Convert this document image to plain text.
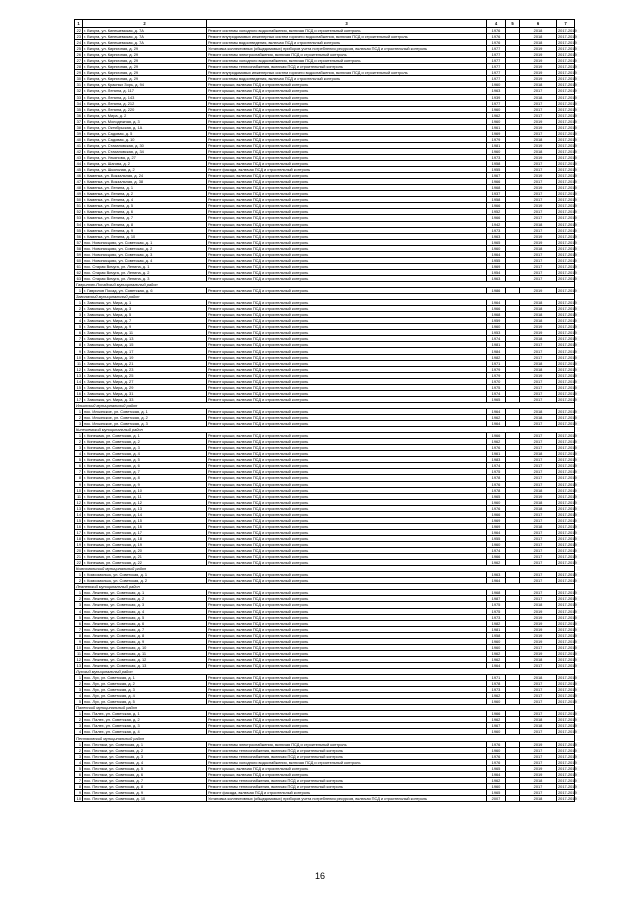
1	2	3	4	5	6	7
22	г. Вичуга, ул. Кинешемская, д. 7А	Ремонт системы холодного водоснабжения, включая ПСД и строительный контроль	1976		2018	2017-2019
23	г. Вичуга, ул. Кинешемская, д. 7А	Ремонт внутридомовых инженерных систем горячего водоснабжения, включая ПСД и строительный контроль	1976		2018	2017-2019
24	г. Вичуга, ул. Кинешемская, д. 7А	Ремонт системы водоотведения, включая ПСД и строительный контроль	1976		2018	2017-2019
25	г. Вичуга, ул. Кирпичная, д. 29	Установка коллективных (общедомовых) приборов учета потребления ресурсов, включая ПСД и строительный контроль	1977		2019	2017-2019
26	г. Вичуга, ул. Кирпичная, д. 29	Ремонт системы электроснабжения, включая ПСД и строительный контроль	1977		2019	2017-2019
27	г. Вичуга, ул. Кирпичная, д. 29	Ремонт системы холодного водоснабжения, включая ПСД и строительный контроль	1977		2019	2017-2019
28	г. Вичуга, ул. Кирпичная, д. 29	Ремонт системы теплоснабжения, включая ПСД и строительный контроль	1977		2019	2017-2019
29	г. Вичуга, ул. Кирпичная, д. 29	Ремонт внутридомовых инженерных систем горячего водоснабжения, включая ПСД и строительный контроль	1977		2019	2017-2019
30	г. Вичуга, ул. Кирпичная, д. 29	Ремонт системы водоотведения, включая ПСД и строительный контроль	1977		2019	2017-2019
31	г. Вичуга, ул. Красных Зорь, д. 94	Ремонт крыши, включая ПСД и строительный контроль	1960		2018	2017-2019
32	г. Вичуга, ул. Ленина, д. 117	Ремонт крыши, включая ПСД и строительный контроль	1963		2017	2017-2019
33	г. Вичуга, ул. Ленина, д. 143	Ремонт крыши, включая ПСД и строительный контроль	1939		2018	2017-2019
34	г. Вичуга, ул. Ленина, д. 212	Ремонт крыши, включая ПСД и строительный контроль	1977		2017	2017-2019
35	г. Вичуга, ул. Ленина, д. 220	Ремонт крыши, включая ПСД и строительный контроль	1960		2017	2017-2019
36	г. Вичуга, ул. Мира, д. 2	Ремонт крыши, включая ПСД и строительный контроль	1962		2017	2017-2019
37	г. Вичуга, ул. Молодежная, д. 3	Ремонт крыши, включая ПСД и строительный контроль	1960		2019	2017-2019
38	г. Вичуга, ул. Октябрьская, д. 1А	Ремонт крыши, включая ПСД и строительный контроль	1961		2019	2017-2019
39	г. Вичуга, ул. Садовая, д. 5	Ремонт крыши, включая ПСД и строительный контроль	1969		2017	2017-2019
40	г. Вичуга, ул. Садовая, д. 10	Ремонт крыши, включая ПСД и строительный контроль	1979		2018	2017-2019
41	г. Вичуга, ул. Стахановская, д. 30	Ремонт крыши, включая ПСД и строительный контроль	1981		2019	2017-2019
42	г. Вичуга, ул. Стахановская, д. 34	Ремонт крыши, включая ПСД и строительный контроль	1960		2018	2017-2019
43	г. Вичуга, ул. Ульянова, д. 27	Ремонт крыши, включая ПСД и строительный контроль	1973		2019	2017-2019
44	г. Вичуга, ул. Шагова, д. 2	Ремонт крыши, включая ПСД и строительный контроль	1958		2017	2017-2019
45	г. Вичуга, ул. Школьная, д. 2	Ремонт фасада, включая ПСД и строительный контроль	1955		2017	2017-2019
46	г. Каменка, ул. Вокзальная, д. 24	Ремонт крыши, включая ПСД и строительный контроль	1967		2019	2017-2019
47	г. Каменка, ул. Вокзальная, д. 38	Ремонт крыши, включая ПСД и строительный контроль	1966		2017	2017-2019
48	г. Каменка, ул. Ленина, д. 1	Ремонт крыши, включая ПСД и строительный контроль	1968		2019	2017-2019
49	г. Каменка, ул. Ленина, д. 2	Ремонт крыши, включая ПСД и строительный контроль	1937		2017	2017-2019
50	г. Каменка, ул. Ленина, д. 4	Ремонт крыши, включая ПСД и строительный контроль	1958		2017	2017-2019
51	г. Каменка, ул. Ленина, д. 5	Ремонт крыши, включая ПСД и строительный контроль	1966		2019	2017-2019
52	г. Каменка, ул. Ленина, д. 6	Ремонт крыши, включая ПСД и строительный контроль	1952		2017	2017-2019
53	г. Каменка, ул. Ленина, д. 7	Ремонт крыши, включая ПСД и строительный контроль	1966		2017	2017-2019
54	г. Каменка, ул. Ленина, д. 8	Ремонт крыши, включая ПСД и строительный контроль	1942		2018	2017-2019
55	г. Каменка, ул. Ленина, д. 9	Ремонт крыши, включая ПСД и строительный контроль	1973		2017	2017-2019
56	г. Каменка, ул. Ленина, д. 10	Ремонт крыши, включая ПСД и строительный контроль	1963		2019	2017-2019
57	пос. Новописцово, ул. Советская, д. 1	Ремонт крыши, включая ПСД и строительный контроль	1965		2019	2017-2019
58	пос. Новописцово, ул. Советская, д. 2	Ремонт крыши, включая ПСД и строительный контроль	1960		2018	2017-2019
59	пос. Новописцово, ул. Советская, д. 3	Ремонт крыши, включая ПСД и строительный контроль	1964		2017	2017-2019
60	пос. Новописцово, ул. Советская, д. 4	Ремонт крыши, включая ПСД и строительный контроль	1955		2017	2017-2019
61	пос. Старая Вичуга, ул. Ленина, д. 1	Ремонт крыши, включая ПСД и строительный контроль	1969		2017	2017-2019
62	пос. Старая Вичуга, ул. Ленина, д. 2	Ремонт крыши, включая ПСД и строительный контроль	1954		2017	2017-2019
63	пос. Старая Вичуга, ул. Ленина, д. 3	Ремонт крыши, включая ПСД и строительный контроль	1963		2017	2017-2019
Гаврилово-Посадский муниципальный район						
1	г. Гаврилов Посад, ул. Советская, д. 6	Ремонт крыши, включая ПСД и строительный контроль	1986		2019	2017-2019
Заволжский муниципальный район						
1	г. Заволжск, ул. Мира, д. 1	Ремонт крыши, включая ПСД и строительный контроль	1964		2018	2017-2019
2	г. Заволжск, ул. Мира, д. 3	Ремонт крыши, включая ПСД и строительный контроль	1966		2018	2017-2019
3	г. Заволжск, ул. Мира, д. 5	Ремонт крыши, включая ПСД и строительный контроль	1968		2018	2017-2019
4	г. Заволжск, ул. Мира, д. 7	Ремонт крыши, включая ПСД и строительный контроль	1959		2018	2017-2019
5	г. Заволжск, ул. Мира, д. 9	Ремонт крыши, включая ПСД и строительный контроль	1960		2019	2017-2019
6	г. Заволжск, ул. Мира, д. 11	Ремонт крыши, включая ПСД и строительный контроль	1953		2019	2017-2019
7	г. Заволжск, ул. Мира, д. 13	Ремонт крыши, включая ПСД и строительный контроль	1974		2018	2017-2019
8	г. Заволжск, ул. Мира, д. 15	Ремонт крыши, включая ПСД и строительный контроль	1981		2017	2017-2019
9	г. Заволжск, ул. Мира, д. 17	Ремонт крыши, включая ПСД и строительный контроль	1984		2017	2017-2019
10	г. Заволжск, ул. Мира, д. 19	Ремонт крыши, включая ПСД и строительный контроль	1982		2017	2017-2019
11	г. Заволжск, ул. Мира, д. 21	Ремонт крыши, включая ПСД и строительный контроль	1971		2018	2017-2019
12	г. Заволжск, ул. Мира, д. 23	Ремонт крыши, включая ПСД и строительный контроль	1979		2018	2017-2019
13	г. Заволжск, ул. Мира, д. 25	Ремонт крыши, включая ПСД и строительный контроль	1979		2019	2017-2019
14	г. Заволжск, ул. Мира, д. 27	Ремонт крыши, включая ПСД и строительный контроль	1970		2017	2017-2019
15	г. Заволжск, ул. Мира, д. 29	Ремонт крыши, включая ПСД и строительный контроль	1975		2017	2017-2019
16	г. Заволжск, ул. Мира, д. 31	Ремонт крыши, включая ПСД и строительный контроль	1974		2017	2017-2019
17	г. Заволжск, ул. Мира, д. 33	Ремонт крыши, включая ПСД и строительный контроль	1965		2017	2017-2019
Ильинский муниципальный район						
1	пос. Ильинское, ул. Советская, д. 1	Ремонт крыши, включая ПСД и строительный контроль	1964		2018	2017-2019
2	пос. Ильинское, ул. Советская, д. 2	Ремонт крыши, включая ПСД и строительный контроль	1962		2018	2017-2019
3	пос. Ильинское, ул. Советская, д. 3	Ремонт крыши, включая ПСД и строительный контроль	1964		2017	2017-2019
Кинешемский муниципальный район						
1	г. Кинешма, ул. Советская, д. 1	Ремонт крыши, включая ПСД и строительный контроль	1966		2017	2017-2019
2	г. Кинешма, ул. Советская, д. 2	Ремонт крыши, включая ПСД и строительный контроль	1962		2017	2017-2019
3	г. Кинешма, ул. Советская, д. 3	Ремонт крыши, включая ПСД и строительный контроль	1976		2017	2017-2019
4	г. Кинешма, ул. Советская, д. 4	Ремонт крыши, включая ПСД и строительный контроль	1961		2018	2017-2019
5	г. Кинешма, ул. Советская, д. 5	Ремонт крыши, включая ПСД и строительный контроль	1983		2017	2017-2019
6	г. Кинешма, ул. Советская, д. 6	Ремонт крыши, включая ПСД и строительный контроль	1974		2017	2017-2019
7	г. Кинешма, ул. Советская, д. 7	Ремонт крыши, включая ПСД и строительный контроль	1975		2017	2017-2019
8	г. Кинешма, ул. Советская, д. 8	Ремонт крыши, включая ПСД и строительный контроль	1978		2017	2017-2019
9	г. Кинешма, ул. Советская, д. 9	Ремонт крыши, включая ПСД и строительный контроль	1976		2017	2017-2019
10	г. Кинешма, ул. Советская, д. 10	Ремонт крыши, включая ПСД и строительный контроль	1978		2018	2017-2019
11	г. Кинешма, ул. Советская, д. 11	Ремонт крыши, включая ПСД и строительный контроль	1965		2019	2017-2019
12	г. Кинешма, ул. Советская, д. 12	Ремонт крыши, включая ПСД и строительный контроль	1960		2018	2017-2019
13	г. Кинешма, ул. Советская, д. 13	Ремонт крыши, включая ПСД и строительный контроль	1976		2018	2017-2019
14	г. Кинешма, ул. Советская, д. 14	Ремонт крыши, включая ПСД и строительный контроль	1966		2017	2017-2019
15	г. Кинешма, ул. Советская, д. 15	Ремонт крыши, включая ПСД и строительный контроль	1969		2017	2017-2019
16	г. Кинешма, ул. Советская, д. 16	Ремонт крыши, включая ПСД и строительный контроль	1969		2018	2017-2019
17	г. Кинешма, ул. Советская, д. 17	Ремонт крыши, включая ПСД и строительный контроль	1964		2017	2017-2019
18	г. Кинешма, ул. Советская, д. 18	Ремонт крыши, включая ПСД и строительный контроль	1955		2017	2017-2019
19	г. Кинешма, ул. Советская, д. 19	Ремонт крыши, включая ПСД и строительный контроль	1960		2017	2017-2019
20	г. Кинешма, ул. Советская, д. 20	Ремонт крыши, включая ПСД и строительный контроль	1974		2017	2017-2019
21	г. Кинешма, ул. Советская, д. 21	Ремонт крыши, включая ПСД и строительный контроль	1966		2017	2017-2019
22	г. Кинешма, ул. Советская, д. 22	Ремонт крыши, включая ПСД и строительный контроль	1962		2017	2017-2019
Комсомольский муниципальный район						
1	г. Комсомольск, ул. Советская, д. 1	Ремонт крыши, включая ПСД и строительный контроль	1963		2017	2017-2019
2	г. Комсомольск, ул. Советская, д. 2	Ремонт крыши, включая ПСД и строительный контроль	1964		2017	2017-2019
Лежневский муниципальный район						
1	пос. Лежнево, ул. Советская, д. 1	Ремонт крыши, включая ПСД и строительный контроль	1968		2017	2017-2019
2	пос. Лежнево, ул. Советская, д. 2	Ремонт крыши, включая ПСД и строительный контроль	1987		2017	2017-2019
3	пос. Лежнево, ул. Советская, д. 3	Ремонт крыши, включая ПСД и строительный контроль	1975		2018	2017-2019
4	пос. Лежнево, ул. Советская, д. 4	Ремонт крыши, включая ПСД и строительный контроль	1975		2019	2017-2019
5	пос. Лежнево, ул. Советская, д. 5	Ремонт крыши, включая ПСД и строительный контроль	1973		2019	2017-2019
6	пос. Лежнево, ул. Советская, д. 6	Ремонт крыши, включая ПСД и строительный контроль	1982		2019	2017-2019
7	пос. Лежнево, ул. Советская, д. 7	Ремонт крыши, включая ПСД и строительный контроль	1981		2019	2017-2019
8	пос. Лежнево, ул. Советская, д. 8	Ремонт крыши, включая ПСД и строительный контроль	1958		2019	2017-2019
9	пос. Лежнево, ул. Советская, д. 9	Ремонт крыши, включая ПСД и строительный контроль	1960		2019	2017-2019
10	пос. Лежнево, ул. Советская, д. 10	Ремонт крыши, включая ПСД и строительный контроль	1960		2017	2017-2019
11	пос. Лежнево, ул. Советская, д. 11	Ремонт крыши, включая ПСД и строительный контроль	1962		2019	2017-2019
12	пос. Лежнево, ул. Советская, д. 12	Ремонт крыши, включая ПСД и строительный контроль	1962		2018	2017-2019
13	пос. Лежнево, ул. Советская, д. 13	Ремонт крыши, включая ПСД и строительный контроль	1964		2017	2017-2019
Лухский муниципальный район						
1	пос. Лух, ул. Советская, д. 1	Ремонт крыши, включая ПСД и строительный контроль	1971		2018	2017-2019
2	пос. Лух, ул. Советская, д. 2	Ремонт крыши, включая ПСД и строительный контроль	1978		2017	2017-2019
3	пос. Лух, ул. Советская, д. 3	Ремонт крыши, включая ПСД и строительный контроль	1973		2017	2017-2019
4	пос. Лух, ул. Советская, д. 4	Ремонт крыши, включая ПСД и строительный контроль	1962		2017	2017-2019
5	пос. Лух, ул. Советская, д. 5	Ремонт крыши, включая ПСД и строительный контроль	1960		2017	2017-2019
Палехский муниципальный район						
1	пос. Палех, ул. Советская, д. 1	Ремонт крыши, включая ПСД и строительный контроль	1966		2017	2017-2019
2	пос. Палех, ул. Советская, д. 2	Ремонт крыши, включая ПСД и строительный контроль	1962		2018	2017-2019
3	пос. Палех, ул. Советская, д. 3	Ремонт крыши, включая ПСД и строительный контроль	1967		2018	2017-2019
4	пос. Палех, ул. Советская, д. 4	Ремонт крыши, включая ПСД и строительный контроль	1960		2017	2017-2019
Пестяковский муниципальный район						
1	пос. Пестяки, ул. Советская, д. 1	Ремонт системы электроснабжения, включая ПСД и строительный контроль	1976		2019	2017-2019
2	пос. Пестяки, ул. Советская, д. 2	Ремонт системы теплоснабжения, включая ПСД и строительный контроль	1960		2017	2017-2019
3	пос. Пестяки, ул. Советская, д. 3	Ремонт системы теплоснабжения, включая ПСД и строительный контроль	1976		2017	2017-2019
4	пос. Пестяки, ул. Советская, д. 4	Ремонт системы холодного водоснабжения, включая ПСД и строительный контроль	1976		2017	2017-2019
5	пос. Пестяки, ул. Советская, д. 5	Ремонт крыши, включая ПСД и строительный контроль	1965		2019	2017-2019
6	пос. Пестяки, ул. Советская, д. 6	Ремонт крыши, включая ПСД и строительный контроль	1964		2019	2017-2019
7	пос. Пестяки, ул. Советская, д. 7	Ремонт системы теплоснабжения, включая ПСД и строительный контроль	1962		2018	2017-2019
8	пос. Пестяки, ул. Советская, д. 8	Ремонт системы теплоснабжения, включая ПСД и строительный контроль	1960		2017	2017-2019
9	пос. Пестяки, ул. Советская, д. 9	Ремонт фасада, включая ПСД и строительный контроль	1965		2017	2017-2019
10	пос. Пестяки, ул. Советская, д. 10	Установка коллективных (общедомовых) приборов учета потребления ресурсов, включая ПСД и строительный контроль	2007		2018	2017-2019
16
